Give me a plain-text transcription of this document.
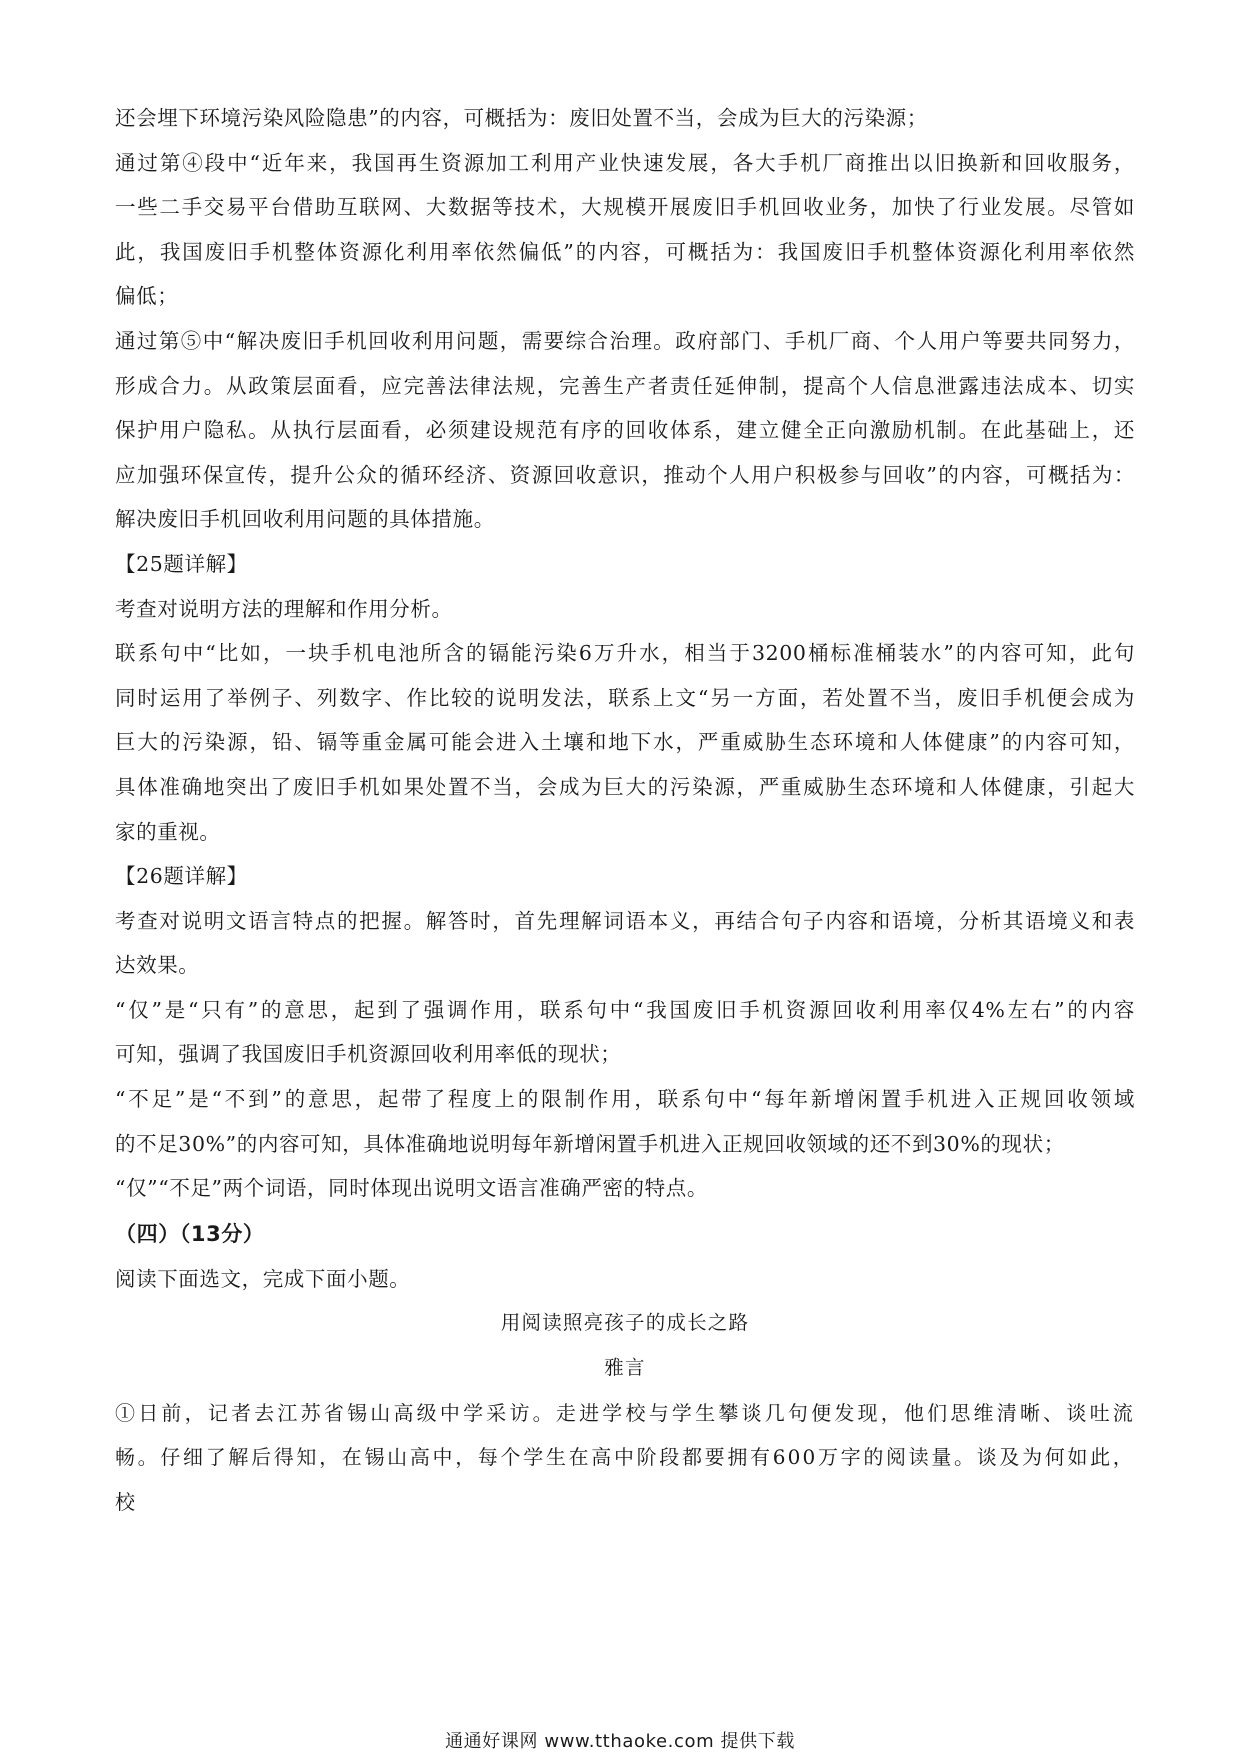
还会埋下环境污染风险隐患”的内容，可概括为：废旧处置不当，会成为巨大的污染源；

通过第④段中“近年来，我国再生资源加工利用产业快速发展，各大手机厂商推出以旧换新和回收服务，

一些二手交易平台借助互联网、大数据等技术，大规模开展废旧手机回收业务，加快了行业发展。尽管如

此，我国废旧手机整体资源化利用率依然偏低”的内容，可概括为：我国废旧手机整体资源化利用率依然

偏低；

通过第⑤中“解决废旧手机回收利用问题，需要综合治理。政府部门、手机厂商、个人用户等要共同努力，

形成合力。从政策层面看，应完善法律法规，完善生产者责任延伸制，提高个人信息泄露违法成本、切实

保护用户隐私。从执行层面看，必须建设规范有序的回收体系，建立健全正向激励机制。在此基础上，还

应加强环保宣传，提升公众的循环经济、资源回收意识，推动个人用户积极参与回收”的内容，可概括为：

解决废旧手机回收利用问题的具体措施。

【25题详解】

考查对说明方法的理解和作用分析。

联系句中“比如，一块手机电池所含的镉能污染6万升水，相当于3200桶标准桶装水”的内容可知，此句

同时运用了举例子、列数字、作比较的说明发法，联系上文“另一方面，若处置不当，废旧手机便会成为

巨大的污染源，铅、镉等重金属可能会进入土壤和地下水，严重威胁生态环境和人体健康”的内容可知，

具体准确地突出了废旧手机如果处置不当，会成为巨大的污染源，严重威胁生态环境和人体健康，引起大

家的重视。

【26题详解】

考查对说明文语言特点的把握。解答时，首先理解词语本义，再结合句子内容和语境，分析其语境义和表

达效果。

“仅”是“只有”的意思，起到了强调作用，联系句中“我国废旧手机资源回收利用率仅4%左右”的内容

可知，强调了我国废旧手机资源回收利用率低的现状；

“不足”是“不到”的意思，起带了程度上的限制作用，联系句中“每年新增闲置手机进入正规回收领域

的不足30%”的内容可知，具体准确地说明每年新增闲置手机进入正规回收领域的还不到30%的现状；

“仅”“不足”两个词语，同时体现出说明文语言准确严密的特点。

（四）（13分）

阅读下面选文，完成下面小题。

用阅读照亮孩子的成长之路

雅言

①日前，记者去江苏省锡山高级中学采访。走进学校与学生攀谈几句便发现，他们思维清晰、谈吐流

畅。仔细了解后得知，在锡山高中，每个学生在高中阶段都要拥有600万字的阅读量。谈及为何如此，校

通通好课网 www.tthaoke.com 提供下载
